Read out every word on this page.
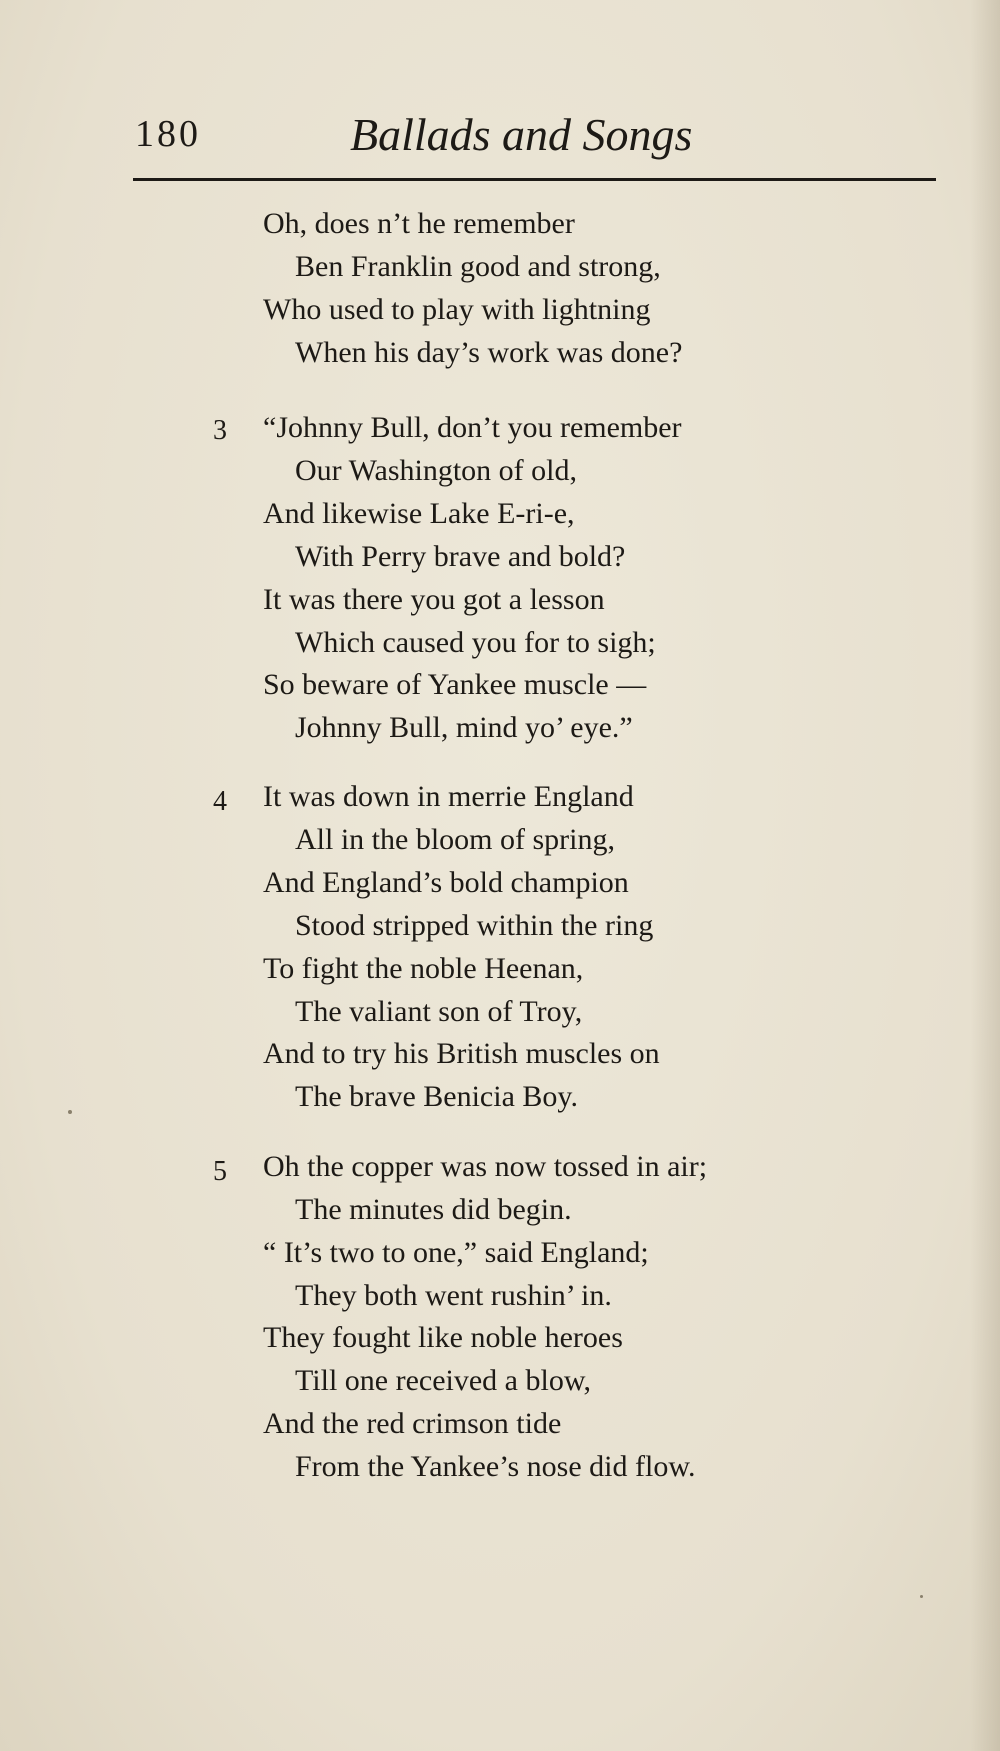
180	Ballads and Songs
Oh, does n’t he remember
Ben Franklin good and strong,
Who used to play with lightning
When his day’s work was done?
3 “Johnny Bull, don’t you remember
Our Washington of old,
And likewise Lake E-ri-e,
With Perry brave and bold?
It was there you got a lesson
Which caused you for to sigh;
So beware of Yankee muscle —
Johnny Bull, mind yo’ eye.”
4 It was down in merrie England
All in the bloom of spring,
And England’s bold champion
Stood stripped within the ring
To fight the noble Heenan,
The valiant son of Troy,
And to try his British muscles on
The brave Benicia Boy.
5 Oh the copper was now tossed in air;
The minutes did begin.
“ It’s two to one,” said England;
They both went rushin’ in.
They fought like noble heroes
Till one received a blow,
And the red crimson tide
From the Yankee’s nose did flow.
